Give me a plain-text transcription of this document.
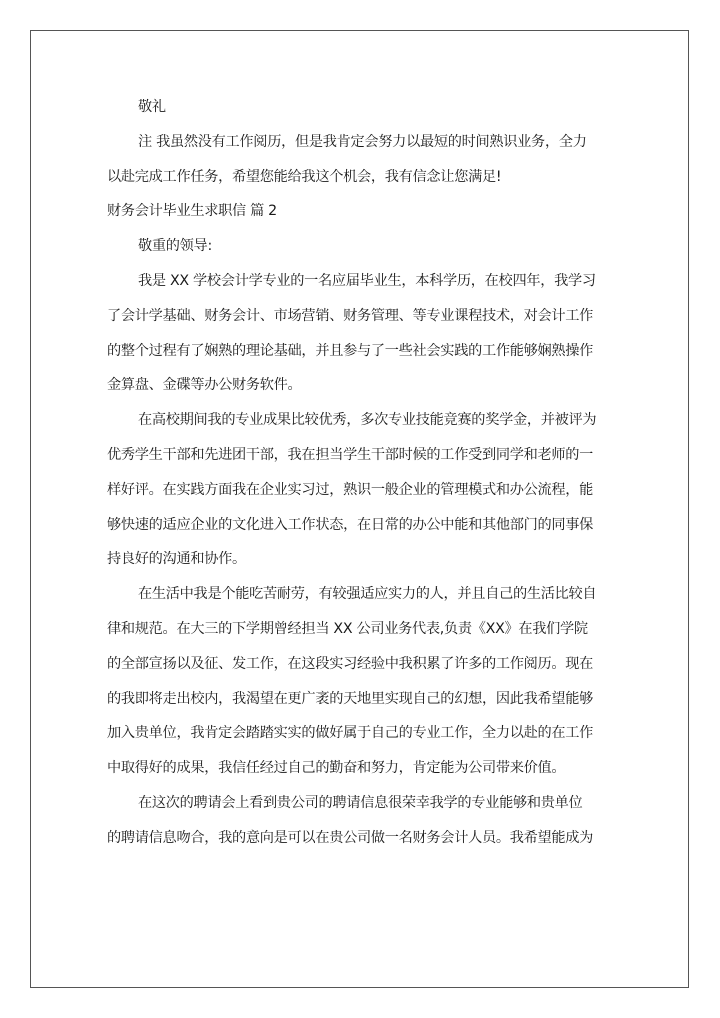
敬礼
注 我虽然没有工作阅历，但是我肯定会努力以最短的时间熟识业务，全力
以赴完成工作任务，希望您能给我这个机会，我有信念让您满足!
财务会计毕业生求职信 篇 2
敬重的领导:
我是 XX 学校会计学专业的一名应届毕业生，本科学历，在校四年，我学习
了会计学基础、财务会计、市场营销、财务管理、等专业课程技术，对会计工作
的整个过程有了娴熟的理论基础，并且参与了一些社会实践的工作能够娴熟操作
金算盘、金碟等办公财务软件。
在高校期间我的专业成果比较优秀，多次专业技能竞赛的奖学金，并被评为
优秀学生干部和先进团干部，我在担当学生干部时候的工作受到同学和老师的一
样好评。在实践方面我在企业实习过，熟识一般企业的管理模式和办公流程，能
够快速的适应企业的文化进入工作状态，在日常的办公中能和其他部门的同事保
持良好的沟通和协作。
在生活中我是个能吃苦耐劳，有较强适应实力的人，并且自己的生活比较自
律和规范。在大三的下学期曾经担当 XX 公司业务代表,负责《XX》在我们学院
的全部宣扬以及征、发工作，在这段实习经验中我积累了许多的工作阅历。现在
的我即将走出校内，我渴望在更广袤的天地里实现自己的幻想，因此我希望能够
加入贵单位，我肯定会踏踏实实的做好属于自己的专业工作，全力以赴的在工作
中取得好的成果，我信任经过自己的勤奋和努力，肯定能为公司带来价值。
在这次的聘请会上看到贵公司的聘请信息很荣幸我学的专业能够和贵单位
的聘请信息吻合，我的意向是可以在贵公司做一名财务会计人员。我希望能成为
